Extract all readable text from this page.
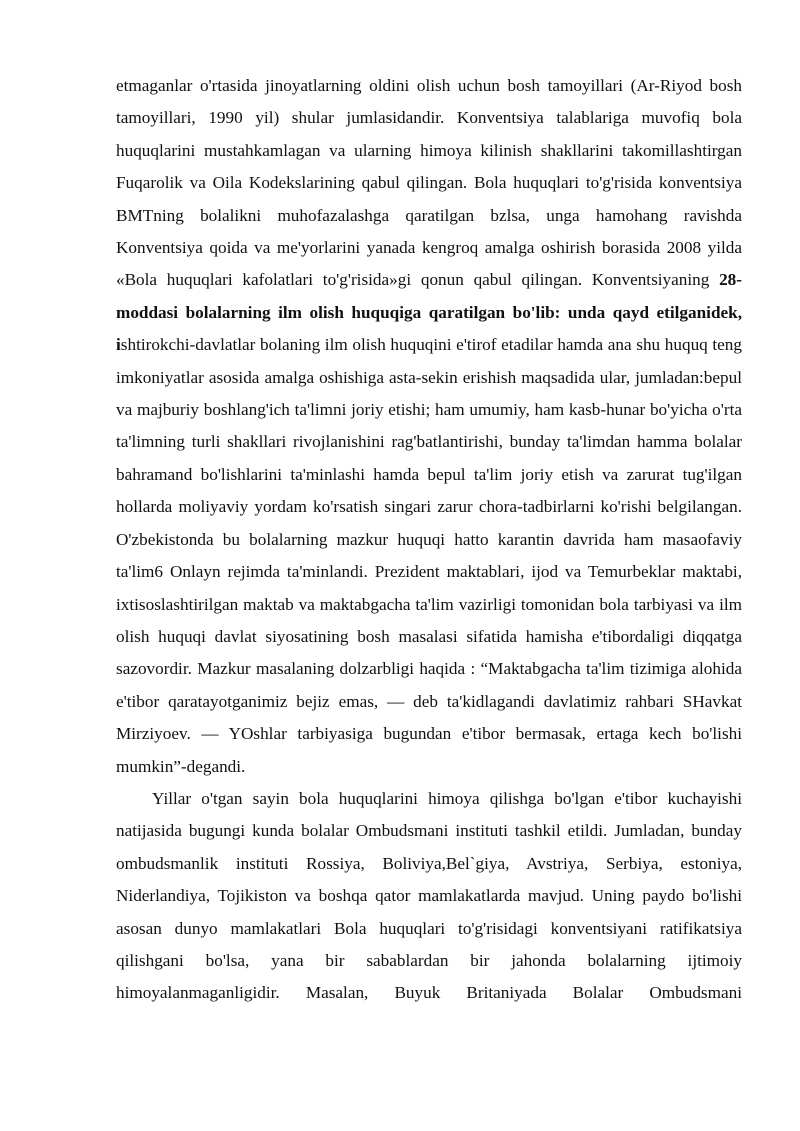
etmaganlar o'rtasida jinoyatlarning oldini olish uchun bosh tamoyillari (Ar-Riyod bosh tamoyillari, 1990 yil) shular jumlasidandir. Konventsiya talablariga muvofiq bola huquqlarini mustahkamlagan va ularning himoya kilinish shakllarini takomillashtirgan Fuqarolik va Oila Kodekslarining qabul qilingan. Bola huquqlari to'g'risida konventsiya BMTning bolalikni muhofazalashga qaratilgan bzlsa, unga hamohang ravishda Konventsiya qoida va me'yorlarini yanada kengroq amalga oshirish borasida 2008 yilda «Bola huquqlari kafolatlari to'g'risida»gi qonun qabul qilingan. Konventsiyaning 28-moddasi bolalarning ilm olish huquqiga qaratilgan bo'lib: unda qayd etilganidek, ishtirokchi-davlatlar bolaning ilm olish huquqini e'tirof etadilar hamda ana shu huquq teng imkoniyatlar asosida amalga oshishiga asta-sekin erishish maqsadida ular, jumladan:bepul va majburiy boshlang'ich ta'limni joriy etishi; ham umumiy, ham kasb-hunar bo'yicha o'rta ta'limning turli shakllari rivojlanishini rag'batlantirishi, bunday ta'limdan hamma bolalar bahramand bo'lishlarini ta'minlashi hamda bepul ta'lim joriy etish va zarurat tug'ilgan hollarda moliyaviy yordam ko'rsatish singari zarur chora-tadbirlarni ko'rishi belgilangan. O'zbekistonda bu bolalarning mazkur huquqi hatto karantin davrida ham masaofaviy ta'lim6 Onlayn rejimda ta'minlandi. Prezident maktablari, ijod va Temurbeklar maktabi, ixtisoslashtirilgan maktab va maktabgacha ta'lim vazirligi tomonidan bola tarbiyasi va ilm olish huquqi davlat siyosatining bosh masalasi sifatida hamisha e'tibordaligi diqqatga sazovordir. Mazkur masalaning dolzarbligi haqida : “Maktabgacha ta'lim tizimiga alohida e'tibor qaratayotganimiz bejiz emas, — deb ta'kidlagandi davlatimiz rahbari SHavkat Mirziyoev. — YOshlar tarbiyasiga bugundan e'tibor bermasak, ertaga kech bo'lishi mumkin”-degandi.

Yillar o'tgan sayin bola huquqlarini himoya qilishga bo'lgan e'tibor kuchayishi natijasida bugungi kunda bolalar Ombudsmani instituti tashkil etildi. Jumladan, bunday ombudsmanlik instituti Rossiya, Boliviya,Bel`giya, Avstriya, Serbiya, estoniya, Niderlandiya, Tojikiston va boshqa qator mamlakatlarda mavjud. Uning paydo bo'lishi asosan dunyo mamlakatlari Bola huquqlari to'g'risidagi konventsiyani ratifikatsiya qilishgani bo'lsa, yana bir sabablardan bir jahonda bolalarning ijtimoiy himoyalanmaganligidir. Masalan, Buyuk Britaniyada Bolalar Ombudsmani
